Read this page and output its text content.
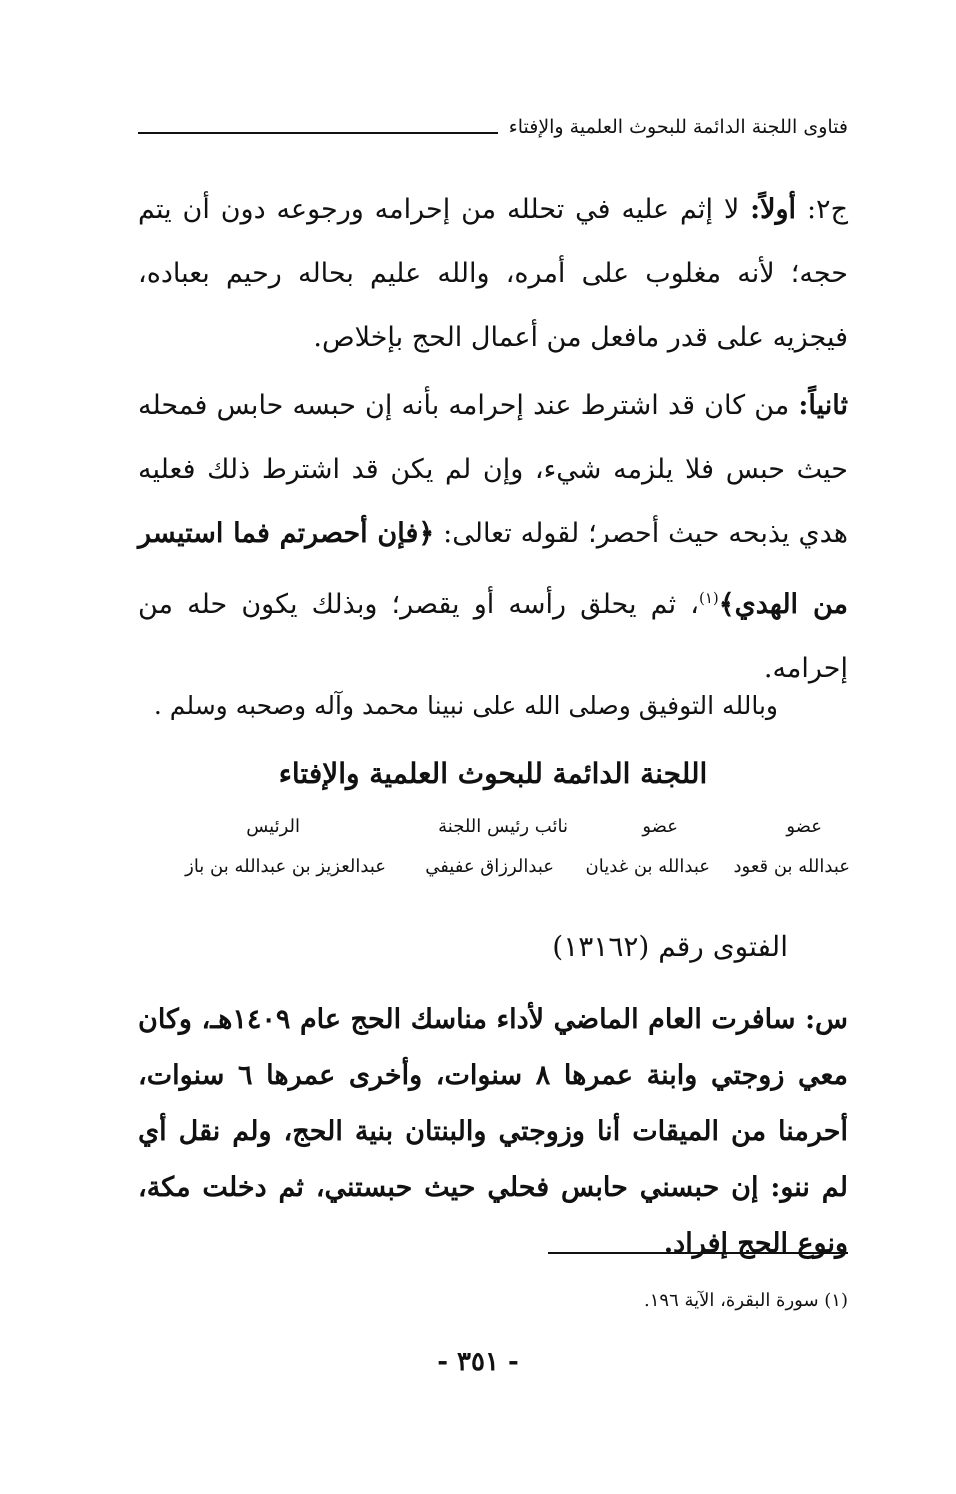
فتاوى اللجنة الدائمة للبحوث العلمية والإفتاء

ج٢: أولاً: لا إثم عليه في تحلله من إحرامه ورجوعه دون أن يتم حجه؛ لأنه مغلوب على أمره، والله عليم بحاله رحيم بعباده، فيجزيه على قدر مافعل من أعمال الحج بإخلاص.

ثانياً: من كان قد اشترط عند إحرامه بأنه إن حبسه حابس فمحله حيث حبس فلا يلزمه شيء، وإن لم يكن قد اشترط ذلك فعليه هدي يذبحه حيث أحصر؛ لقوله تعالى: ﴿فإن أحصرتم فما استيسر من الهدي﴾$^{(١)}$، ثم يحلق رأسه أو يقصر؛ وبذلك يكون حله من إحرامه.

وبالله التوفيق وصلى الله على نبينا محمد وآله وصحبه وسلم .
اللجنة الدائمة للبحوث العلمية والإفتاء
عضو
عضو
نائب رئيس اللجنة
الرئيس
عبدالله بن قعود
عبدالله بن غديان
عبدالرزاق عفيفي
عبدالعزيز بن عبدالله بن باز
الفتوى رقم (١٣١٦٢)
س: سافرت العام الماضي لأداء مناسك الحج عام ١٤٠٩هـ، وكان معي زوجتي وابنة عمرها ٨ سنوات، وأخرى عمرها ٦ سنوات، أحرمنا من الميقات أنا وزوجتي والبنتان بنية الحج، ولم نقل أي لم ننو: إن حبسني حابس فحلي حيث حبستني، ثم دخلت مكة، ونوع الحج إفراد.
(١) سورة البقرة، الآية ١٩٦.
- ٣٥١ -
